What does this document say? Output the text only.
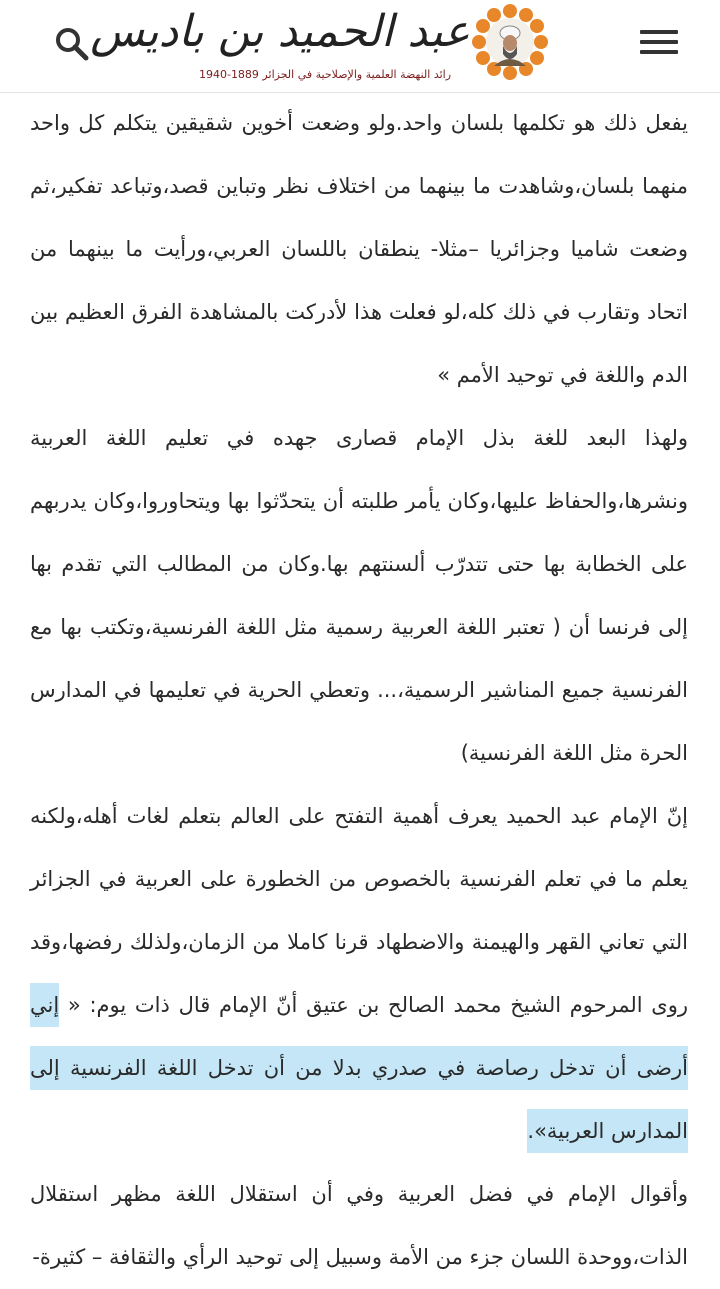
عبد الحميد بن باديس
رائد النهضة العلمية والإصلاحية في الجزائر 1889-1940

يفعل ذلك هو تكلمها بلسان واحد.ولو وضعت أخوين شقيقين يتكلم كل واحد منهما بلسان،وشاهدت ما بينهما من اختلاف نظر وتباين قصد،وتباعد تفكير،ثم وضعت شاميا وجزائريا –مثلا- ينطقان باللسان العربي،ورأيت ما بينهما من اتحاد وتقارب في ذلك كله،لو فعلت هذا لأدركت بالمشاهدة الفرق العظيم بين الدم واللغة في توحيد الأمم »

ولهذا البعد للغة بذل الإمام قصارى جهده في تعليم اللغة العربية ونشرها،والحفاظ عليها،وكان يأمر طلبته أن يتحدّثوا بها ويتحاوروا،وكان يدربهم على الخطابة بها حتى تتدرّب ألسنتهم بها.وكان من المطالب التي تقدم بها إلى فرنسا أن ( تعتبر اللغة العربية رسمية مثل اللغة الفرنسية،وتكتب بها مع الفرنسية جميع المناشير الرسمية،... وتعطي الحرية في تعليمها في المدارس الحرة مثل اللغة الفرنسية)

إنّ الإمام عبد الحميد يعرف أهمية التفتح على العالم بتعلم لغات أهله،ولكنه يعلم ما في تعلم الفرنسية بالخصوص من الخطورة على العربية في الجزائر التي تعاني القهر والهيمنة والاضطهاد قرنا كاملا من الزمان،ولذلك رفضها،وقد روى المرحوم الشيخ محمد الصالح بن عتيق أنّ الإمام قال ذات يوم: « إني أرضى أن تدخل رصاصة في صدري بدلا من أن تدخل اللغة الفرنسية إلى المدارس العربية».

وأقوال الإمام في فضل العربية وفي أن استقلال اللغة مظهر استقلال الذات،ووحدة اللسان جزء من الأمة وسبيل إلى توحيد الرأي والثقافة – كثيرة-
